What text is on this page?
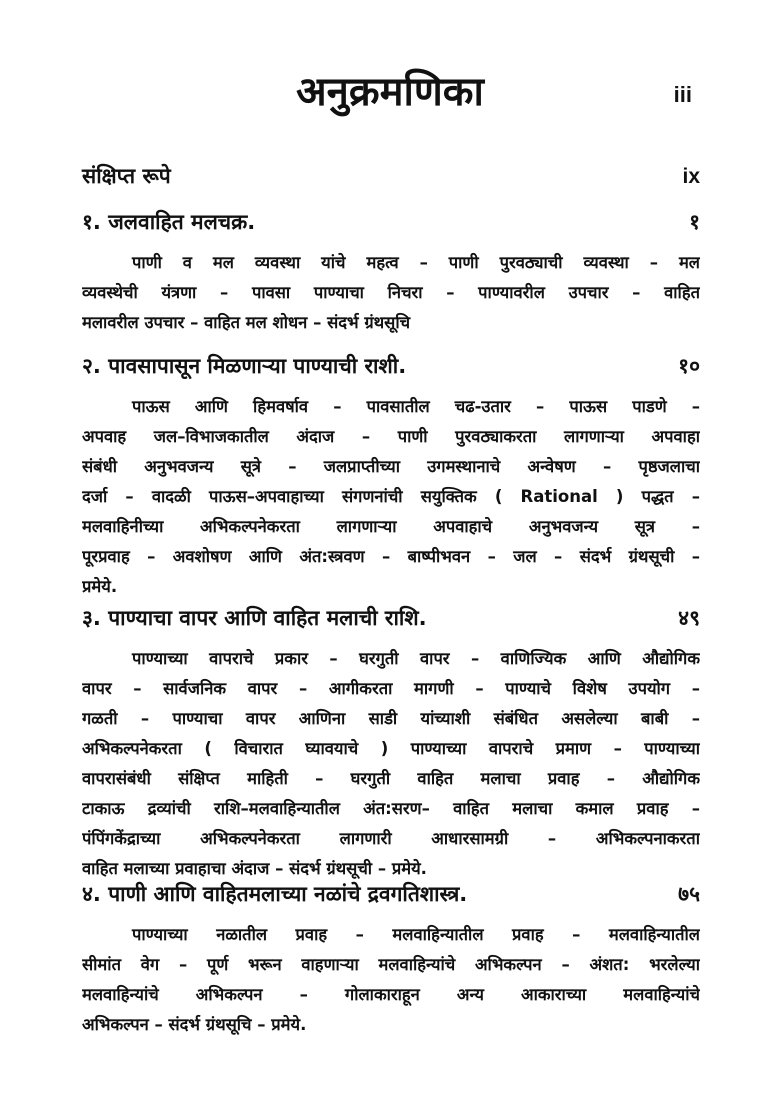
अनुक्रमणिका	iii
संक्षिप्त रूपे	ix
१. जलवाहित मलचक्र.	१
पाणी व मल व्यवस्था यांचे महत्व – पाणी पुरवठ्याची व्यवस्था – मल
व्यवस्थेची यंत्रणा – पावसा पाण्याचा निचरा – पाण्यावरील उपचार – वाहित
मलावरील उपचार – वाहित मल शोधन – संदर्भ ग्रंथसूचि
२. पावसापासून मिळणाऱ्या पाण्याची राशी.	१०
पाऊस आणि हिमवर्षाव – पावसातील चढ-उतार – पाऊस पाडणे –
अपवाह जल–विभाजकातील अंदाज – पाणी पुरवठ्याकरता लागणाऱ्या अपवाहा
संबंधी अनुभवजन्य सूत्रे – जलप्राप्तीच्या उगमस्थानाचे अन्वेषण – पृष्ठजलाचा
दर्जा – वादळी पाऊस–अपवाहाच्या संगणनांची सयुक्तिक ( Rational ) पद्धत –
मलवाहिनीच्या अभिकल्पनेकरता लागणाऱ्या अपवाहाचे अनुभवजन्य सूत्र –
पूरप्रवाह – अवशोषण आणि अंत:स्त्रवण – बाष्पीभवन – जल – संदर्भ ग्रंथसूची –
प्रमेये.
३. पाण्याचा वापर आणि वाहित मलाची राशि.	४९
पाण्याच्या वापराचे प्रकार – घरगुती वापर – वाणिज्यिक आणि औद्योगिक
वापर – सार्वजनिक वापर – आगीकरता मागणी – पाण्याचे विशेष उपयोग –
गळती – पाण्याचा वापर आणिना साडी यांच्याशी संबंधित असलेल्या बाबी –
अभिकल्पनेकरता ( विचारात घ्यावयाचे ) पाण्याच्या वापराचे प्रमाण – पाण्याच्या
वापरासंबंधी संक्षिप्त माहिती – घरगुती वाहित मलाचा प्रवाह – औद्योगिक
टाकाऊ द्रव्यांची राशि–मलवाहिन्यातील अंत:सरण– वाहित मलाचा कमाल प्रवाह –
पंपिंगकेंद्राच्या अभिकल्पनेकरता लागणारी आधारसामग्री – अभिकल्पनाकरता
वाहित मलाच्या प्रवाहाचा अंदाज – संदर्भ ग्रंथसूची – प्रमेये.
४. पाणी आणि वाहितमलाच्या नळांचे द्रवगतिशास्त्र.	७५
पाण्याच्या नळातील प्रवाह – मलवाहिन्यातील प्रवाह – मलवाहिन्यातील
सीमांत वेग – पूर्ण भरून वाहणाऱ्या मलवाहिन्यांचे अभिकल्पन – अंशत: भरलेल्या
मलवाहिन्यांचे अभिकल्पन – गोलाकाराहून अन्य आकाराच्या मलवाहिन्यांचे
अभिकल्पन – संदर्भ ग्रंथसूचि – प्रमेये.
